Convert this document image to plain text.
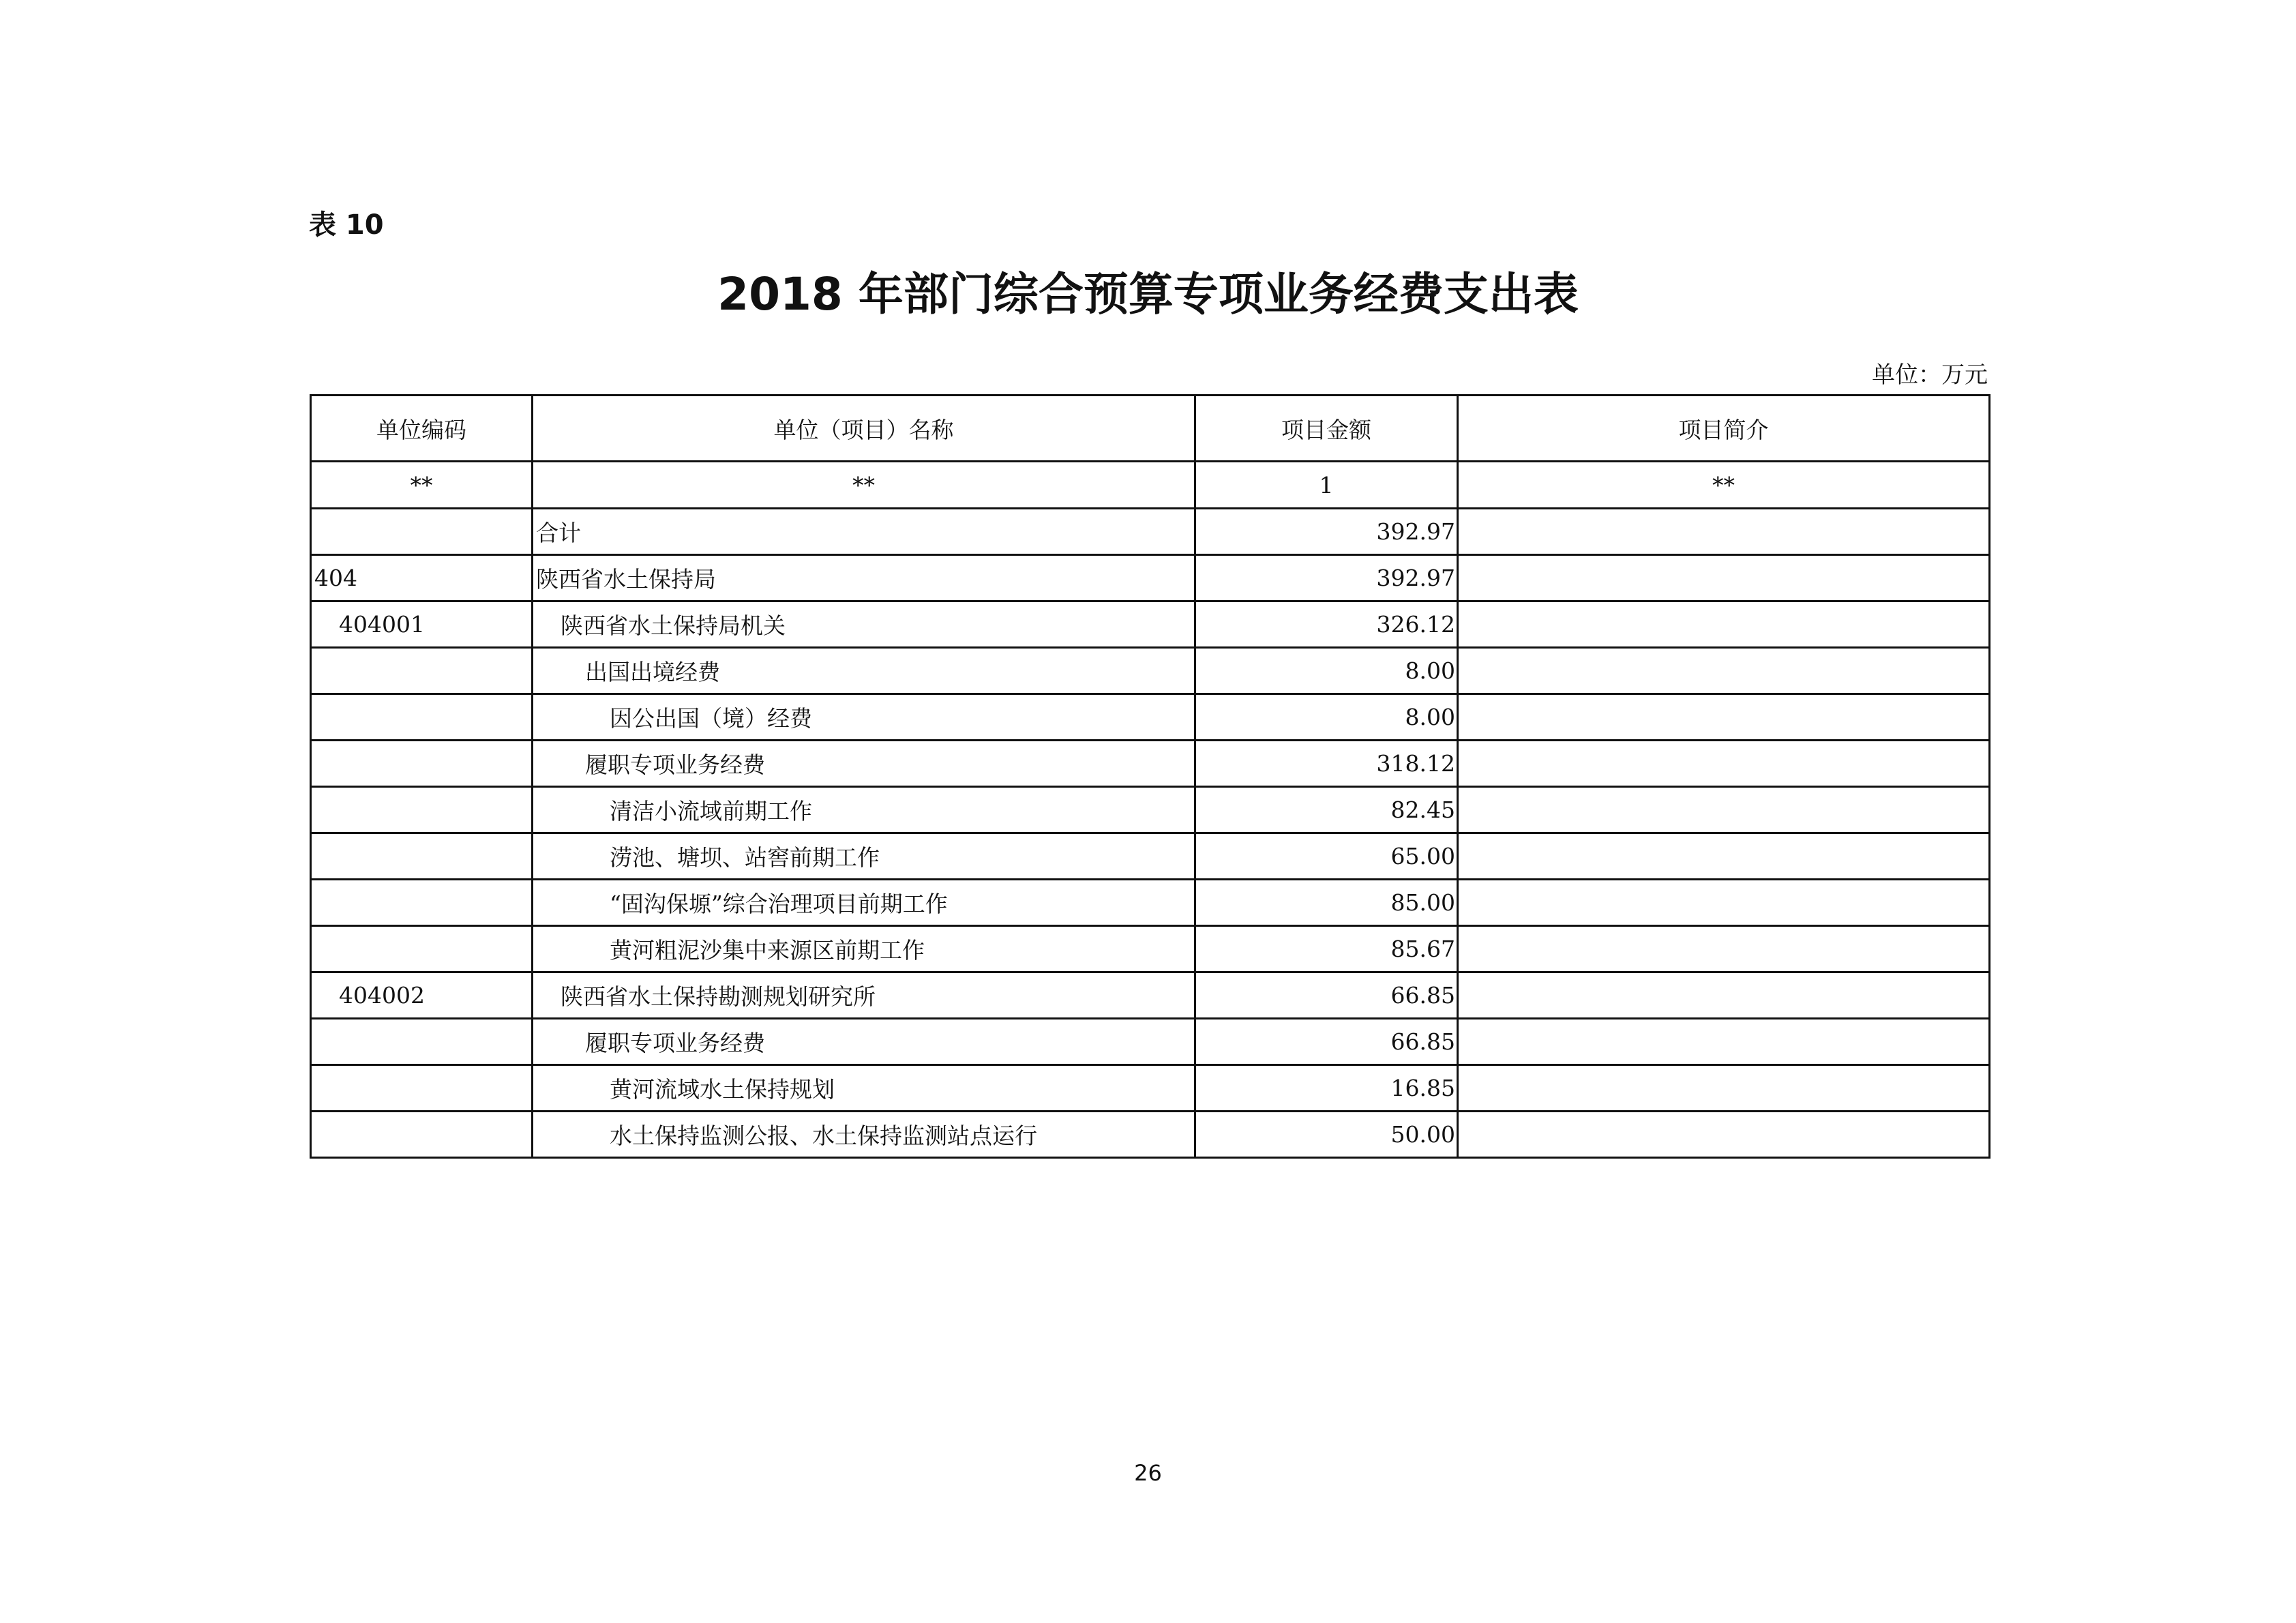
表 10
2018 年部门综合预算专项业务经费支出表
单位：万元
单位编码	单位（项目）名称	项目金额	项目简介
**	**	1	**
	合计	392.97	
404	陕西省水土保持局	392.97	
404001	陕西省水土保持局机关	326.12	
	出国出境经费	8.00	
	因公出国（境）经费	8.00	
	履职专项业务经费	318.12	
	清洁小流域前期工作	82.45	
	涝池、塘坝、站窖前期工作	65.00	
	“固沟保塬”综合治理项目前期工作	85.00	
	黄河粗泥沙集中来源区前期工作	85.67	
404002	陕西省水土保持勘测规划研究所	66.85	
	履职专项业务经费	66.85	
	黄河流域水土保持规划	16.85	
	水土保持监测公报、水土保持监测站点运行	50.00	
26
